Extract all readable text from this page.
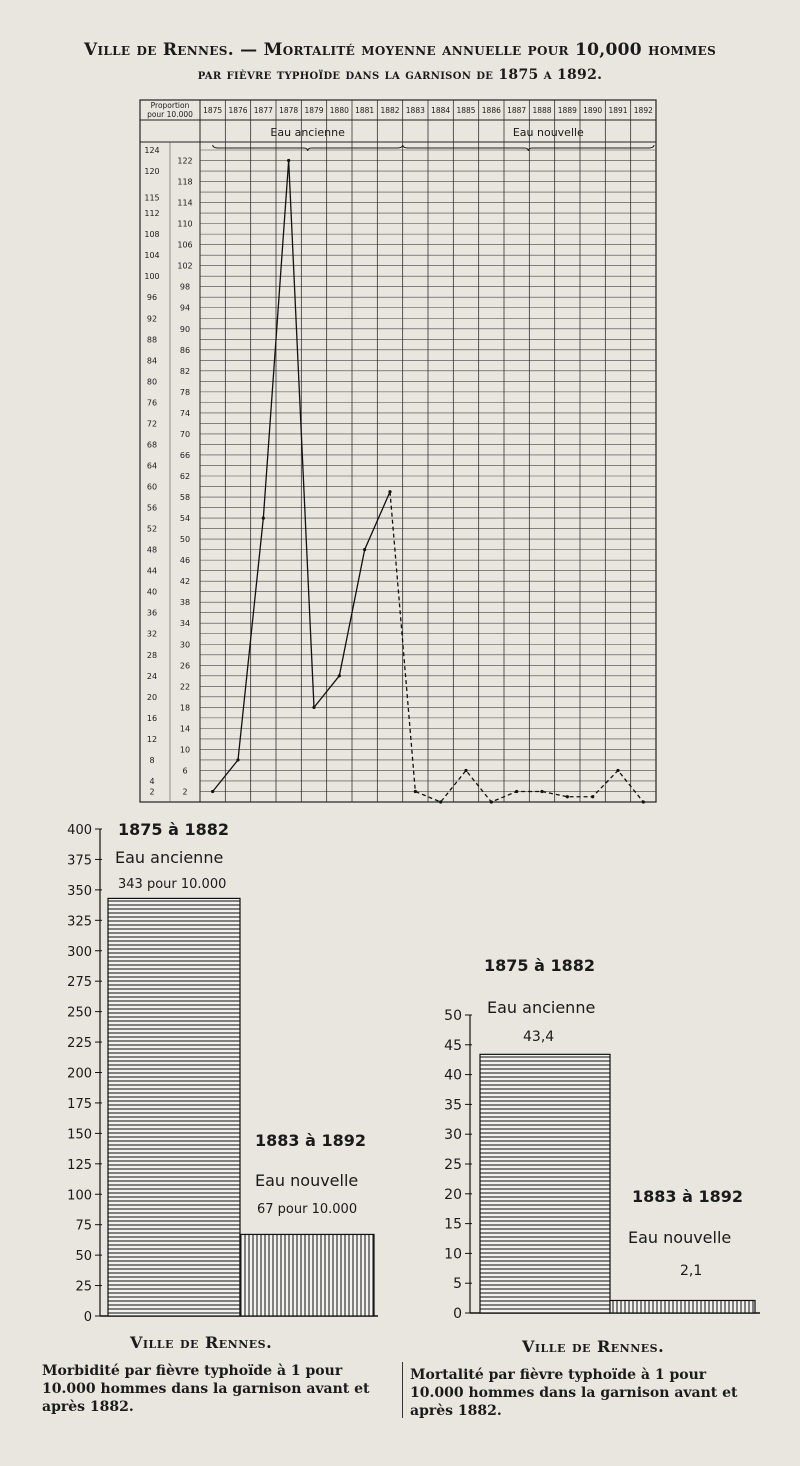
Ville de Rennes. — Mortalité moyenne annuelle pour 10,000 hommes
par fièvre typhoïde dans la garnison de 1875 a 1892.
1875 1876 1877 1878 1879 1880 1881 1882 1883 1884 1885 1886 1887 1888 1889 1890 1891 1892
Proportion
pour 10.000
Eau ancienne	Eau nouvelle
2
4
8
12
16
20
24
28
32
36
40
44
48
52
56
60
64
68
72
76
80
84
88
92
96
100
104
108
112
115
120
124
2
6
10
14
18
22
26
30
34
38
42
46
50
54
58
62
66
70
74
78
82
86
90
94
98
102
106
110
114
118
122
0
25
50
75
100
125
150
175
200
225
250
275
300
325
350
375
400 1875 à 1882
Eau ancienne
343 pour 10.000
1883 à 1892
Eau nouvelle
67 pour 10.000
0
5
10
15
20
25
30
35
40
45
50
1875 à 1882
Eau ancienne
43,4
1883 à 1892
Eau nouvelle
2,1
Ville de Rennes.
Morbidité par fièvre typhoïde à 1 pour 10.000 hommes dans la garnison avant et après 1882.
Ville de Rennes.
Mortalité par fièvre typhoïde à 1 pour 10.000 hommes dans la garnison avant et après 1882.
